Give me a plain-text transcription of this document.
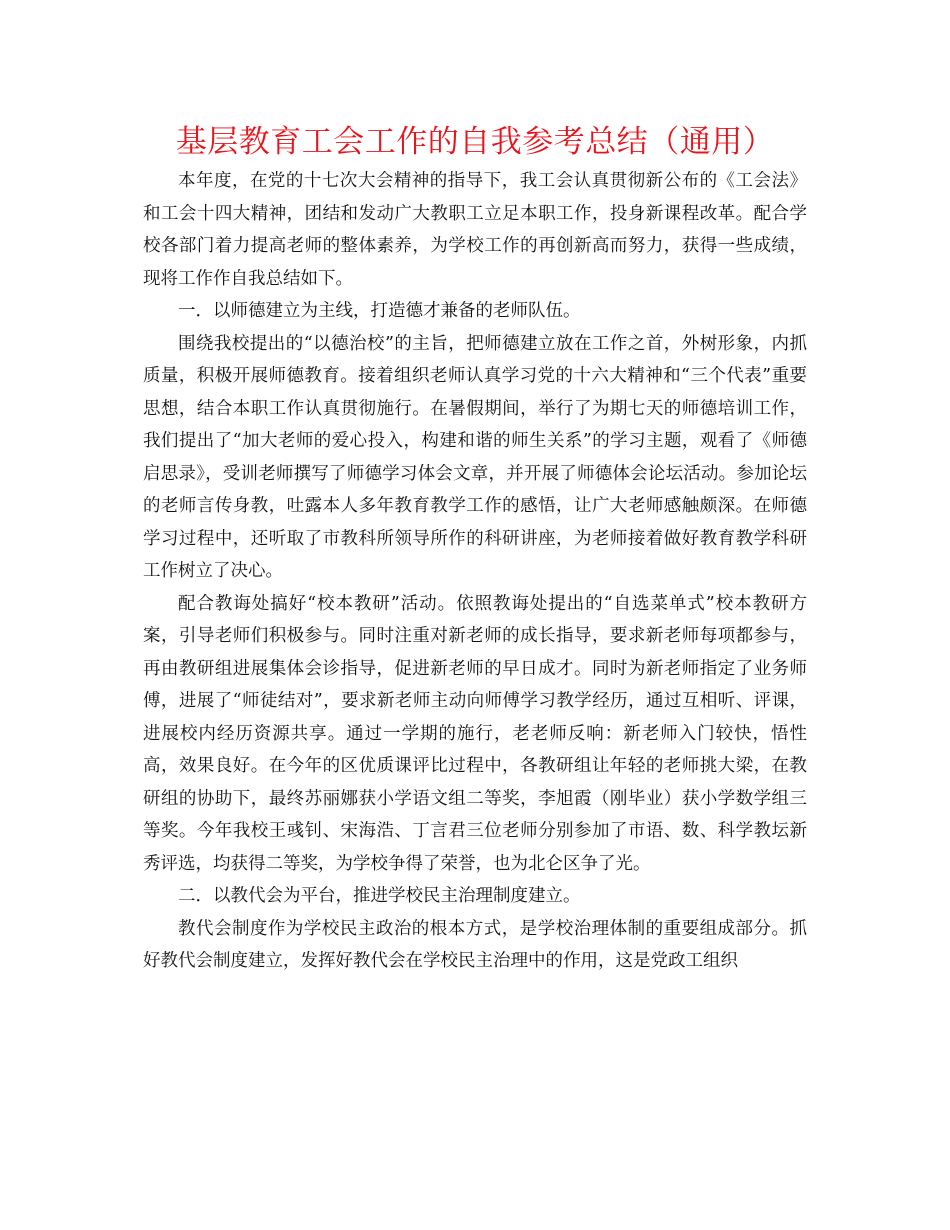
基层教育工会工作的自我参考总结（通用）

本年度，在党的十七次大会精神的指导下，我工会认真贯彻新公布的《工会法》和工会十四大精神，团结和发动广大教职工立足本职工作，投身新课程改革。配合学校各部门着力提高老师的整体素养，为学校工作的再创新高而努力，获得一些成绩，现将工作作自我总结如下。

一．以师德建立为主线，打造德才兼备的老师队伍。

围绕我校提出的“以德治校”的主旨，把师德建立放在工作之首，外树形象，内抓质量，积极开展师德教育。接着组织老师认真学习党的十六大精神和“三个代表”重要思想，结合本职工作认真贯彻施行。在暑假期间，举行了为期七天的师德培训工作，我们提出了“加大老师的爱心投入，构建和谐的师生关系”的学习主题，观看了《师德启思录》，受训老师撰写了师德学习体会文章，并开展了师德体会论坛活动。参加论坛的老师言传身教，吐露本人多年教育教学工作的感悟，让广大老师感触颇深。在师德学习过程中，还听取了市教科所领导所作的科研讲座，为老师接着做好教育教学科研工作树立了决心。

配合教诲处搞好“校本教研”活动。依照教诲处提出的“自选菜单式”校本教研方案，引导老师们积极参与。同时注重对新老师的成长指导，要求新老师每项都参与，再由教研组进展集体会诊指导，促进新老师的早日成才。同时为新老师指定了业务师傅，进展了“师徒结对”，要求新老师主动向师傅学习教学经历，通过互相听、评课，进展校内经历资源共享。通过一学期的施行，老老师反响：新老师入门较快，悟性高，效果良好。在今年的区优质课评比过程中，各教研组让年轻的老师挑大梁，在教研组的协助下，最终苏丽娜获小学语文组二等奖，李旭霞（刚毕业）获小学数学组三等奖。今年我校王彧钊、宋海浩、丁言君三位老师分别参加了市语、数、科学教坛新秀评选，均获得二等奖，为学校争得了荣誉，也为北仑区争了光。

二．以教代会为平台，推进学校民主治理制度建立。

教代会制度作为学校民主政治的根本方式，是学校治理体制的重要组成部分。抓好教代会制度建立，发挥好教代会在学校民主治理中的作用，这是党政工组织
